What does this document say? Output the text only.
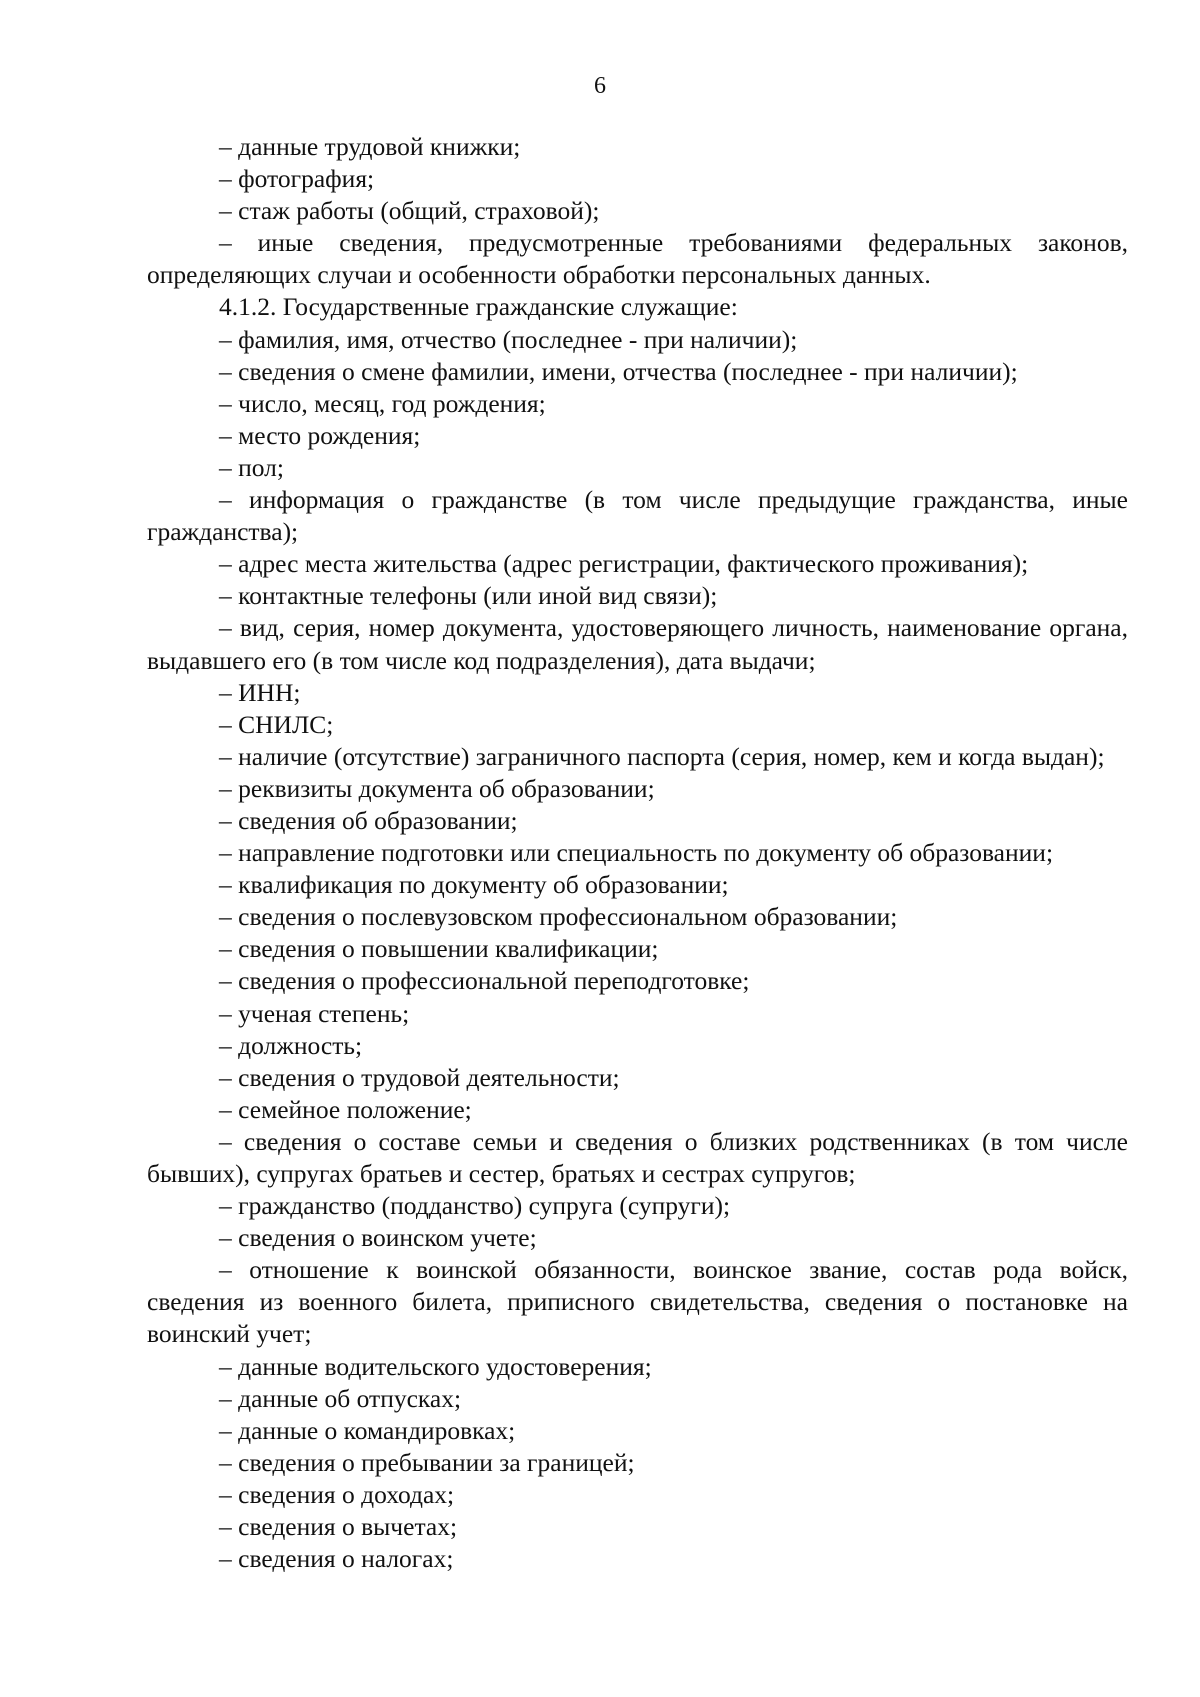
6

– данные трудовой книжки;

– фотография;

– стаж работы (общий, страховой);

– иные сведения, предусмотренные требованиями федеральных законов, определяющих случаи и особенности обработки персональных данных.

4.1.2. Государственные гражданские служащие:

– фамилия, имя, отчество (последнее - при наличии);

– сведения о смене фамилии, имени, отчества (последнее - при наличии);

– число, месяц, год рождения;

– место рождения;

– пол;

– информация о гражданстве (в том числе предыдущие гражданства, иные гражданства);

– адрес места жительства (адрес регистрации, фактического проживания);

– контактные телефоны (или иной вид связи);

– вид, серия, номер документа, удостоверяющего личность, наименование органа, выдавшего его (в том числе код подразделения), дата выдачи;

– ИНН;

– СНИЛС;

– наличие (отсутствие) заграничного паспорта (серия, номер, кем и когда выдан);

– реквизиты документа об образовании;

– сведения об образовании;

– направление подготовки или специальность по документу об образовании;

– квалификация по документу об образовании;

– сведения о послевузовском профессиональном образовании;

– сведения о повышении квалификации;

– сведения о профессиональной переподготовке;

– ученая степень;

– должность;

– сведения о трудовой деятельности;

– семейное положение;

– сведения о составе семьи и сведения о близких родственниках (в том числе бывших), супругах братьев и сестер, братьях и сестрах супругов;

– гражданство (подданство) супруга (супруги);

– сведения о воинском учете;

– отношение к воинской обязанности, воинское звание, состав рода войск, сведения из военного билета, приписного свидетельства, сведения о постановке на воинский учет;

– данные водительского удостоверения;

– данные об отпусках;

– данные о командировках;

– сведения о пребывании за границей;

– сведения о доходах;

– сведения о вычетах;

– сведения о налогах;
